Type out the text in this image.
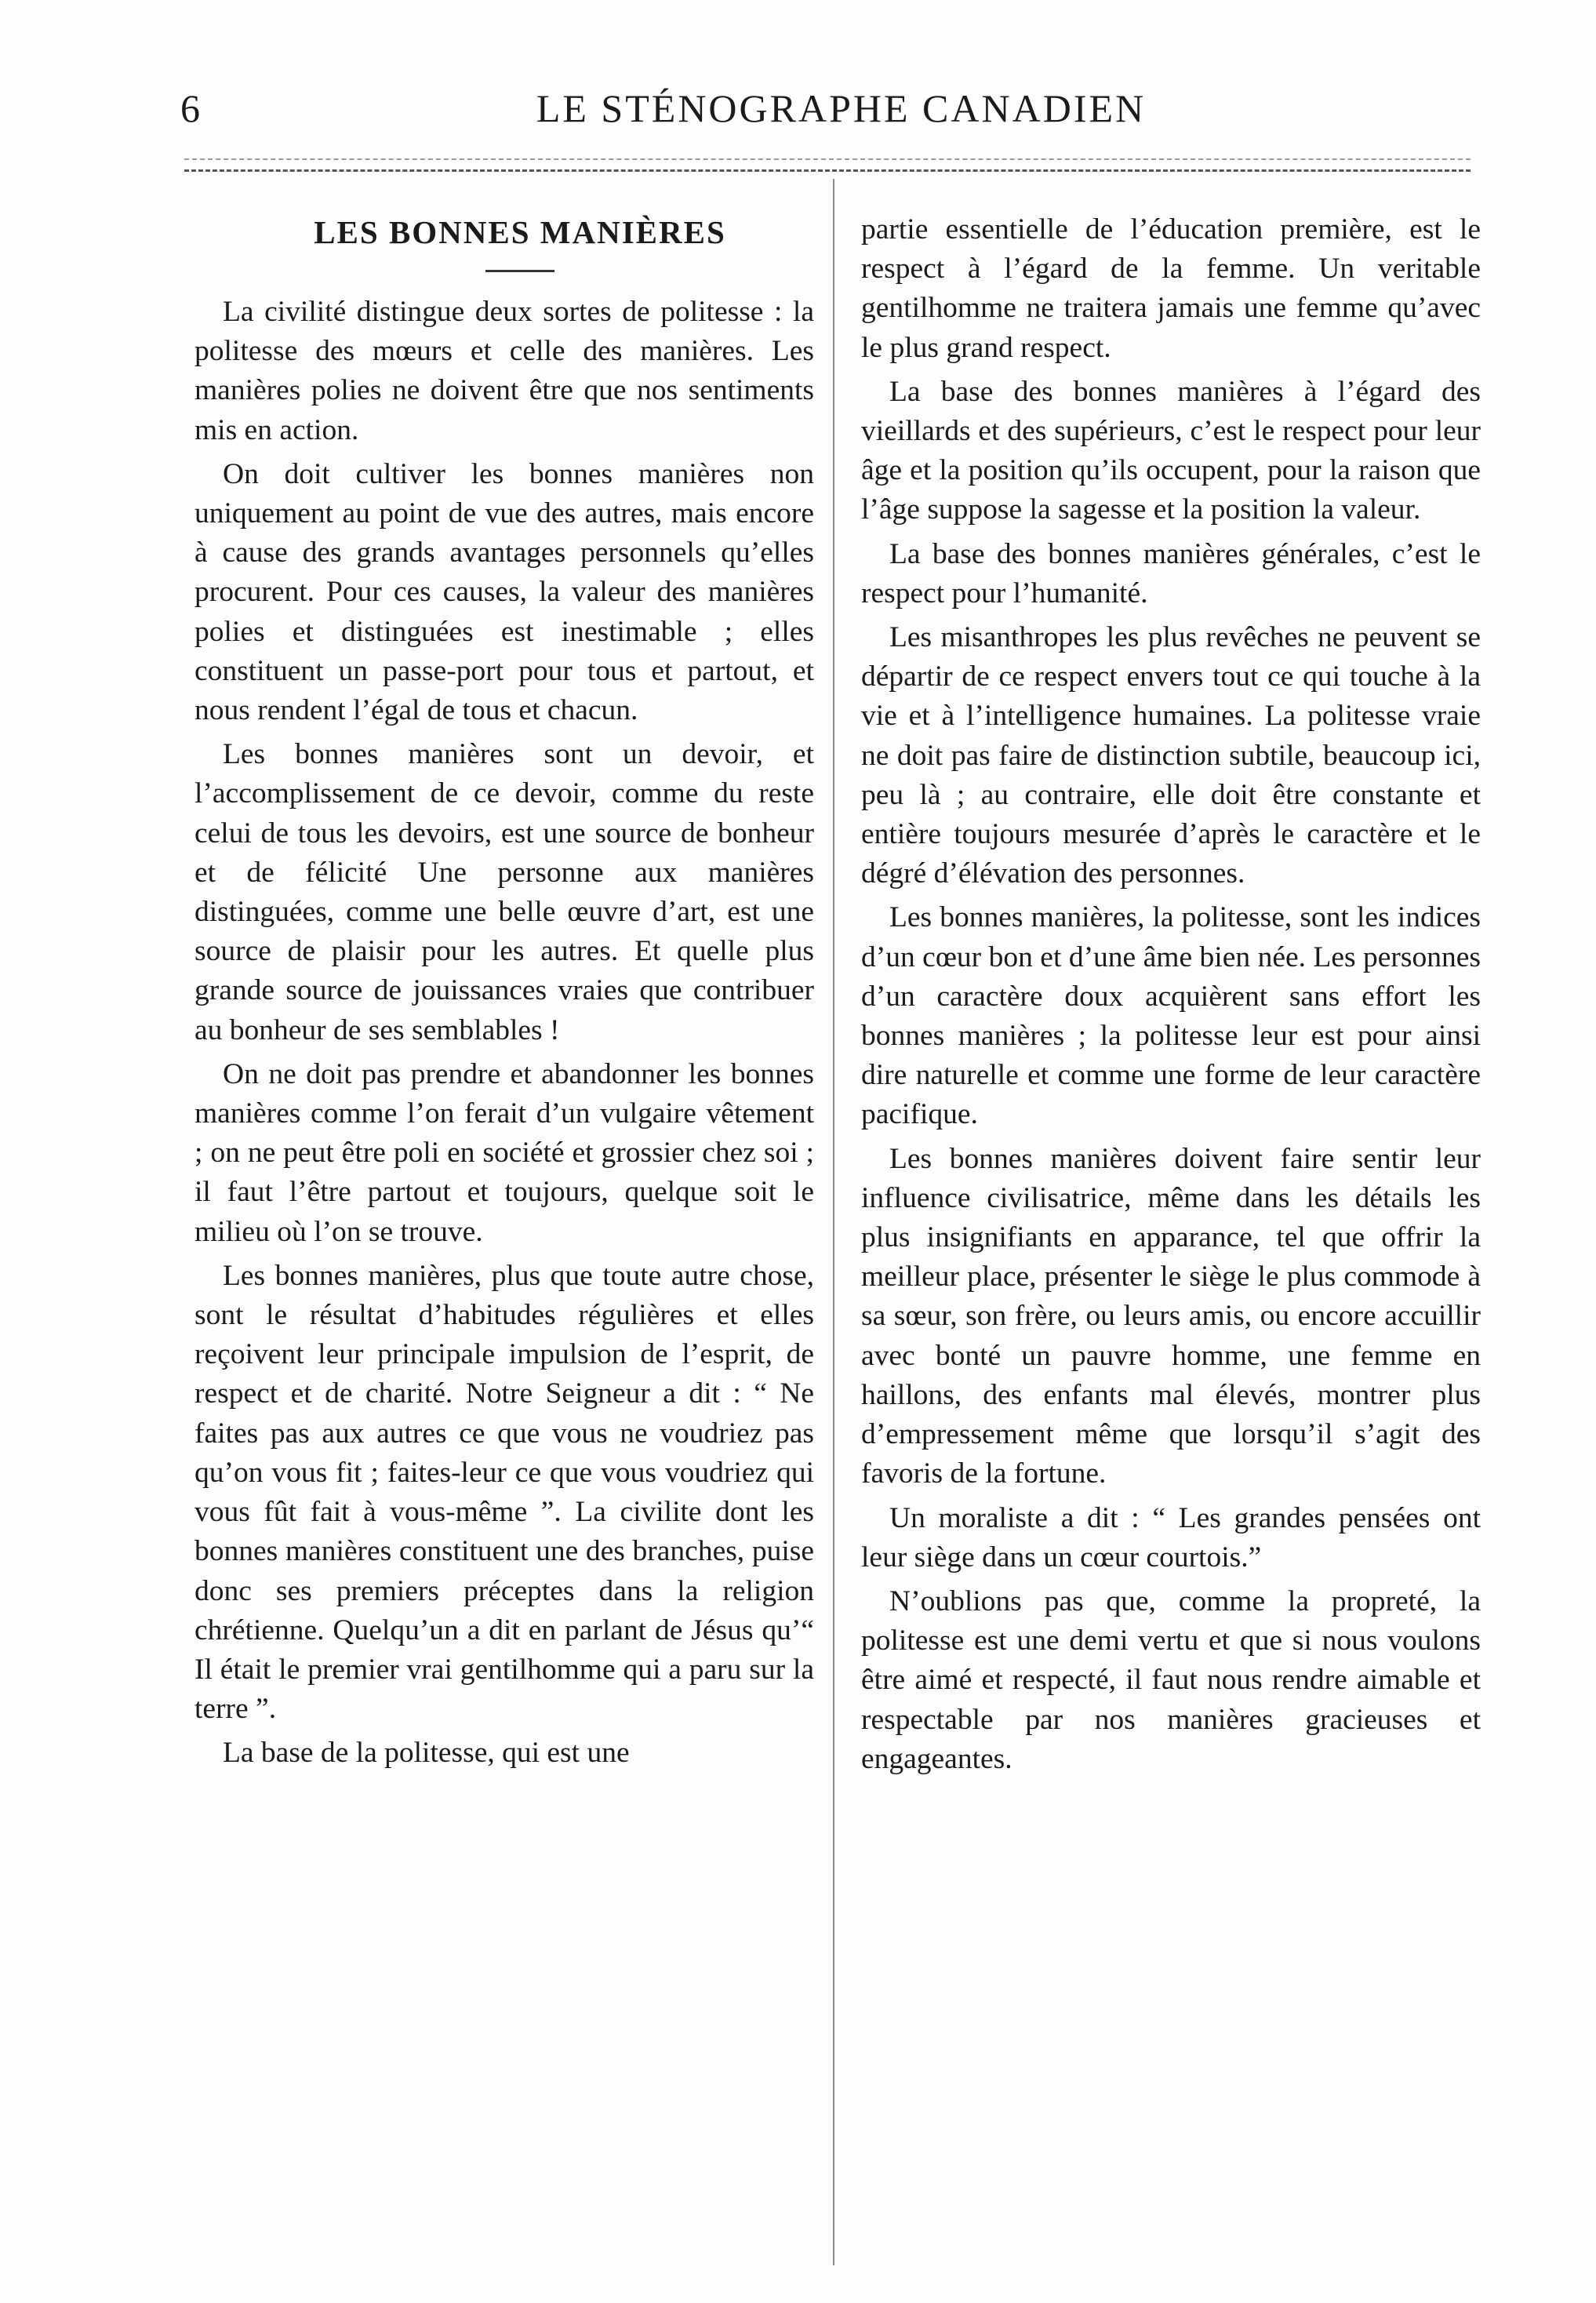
6	LE STÉNOGRAPHE CANADIEN
LES BONNES MANIÈRES

La civilité distingue deux sortes de politesse : la politesse des mœurs et celle des manières. Les manières polies ne doivent être que nos sentiments mis en action.

On doit cultiver les bonnes manières non uniquement au point de vue des autres, mais encore à cause des grands avantages personnels qu’elles procurent. Pour ces causes, la valeur des manières polies et distinguées est inestimable ; elles constituent un passe-port pour tous et partout, et nous rendent l’égal de tous et chacun.

Les bonnes manières sont un devoir, et l’accomplissement de ce devoir, comme du reste celui de tous les devoirs, est une source de bonheur et de félicité Une personne aux manières distinguées, comme une belle œuvre d’art, est une source de plaisir pour les autres. Et quelle plus grande source de jouissances vraies que contribuer au bonheur de ses semblables !

On ne doit pas prendre et abandonner les bonnes manières comme l’on ferait d’un vulgaire vêtement ; on ne peut être poli en société et grossier chez soi ; il faut l’être partout et toujours, quelque soit le milieu où l’on se trouve.

Les bonnes manières, plus que toute autre chose, sont le résultat d’habitudes régulières et elles reçoivent leur principale impulsion de l’esprit, de respect et de charité. Notre Seigneur a dit : “ Ne faites pas aux autres ce que vous ne voudriez pas qu’on vous fit ; faites-leur ce que vous voudriez qui vous fût fait à vous-même ”. La civilite dont les bonnes manières constituent une des branches, puise donc ses premiers préceptes dans la religion chrétienne. Quelqu’un a dit en parlant de Jésus qu’“ Il était le premier vrai gentilhomme qui a paru sur la terre ”.

La base de la politesse, qui est une

partie essentielle de l’éducation première, est le respect à l’égard de la femme. Un veritable gentilhomme ne traitera jamais une femme qu’avec le plus grand respect.

La base des bonnes manières à l’égard des vieillards et des supérieurs, c’est le respect pour leur âge et la position qu’ils occupent, pour la raison que l’âge suppose la sagesse et la position la valeur.

La base des bonnes manières générales, c’est le respect pour l’humanité.

Les misanthropes les plus revêches ne peuvent se départir de ce respect envers tout ce qui touche à la vie et à l’intelligence humaines. La politesse vraie ne doit pas faire de distinction subtile, beaucoup ici, peu là ; au contraire, elle doit être constante et entière toujours mesurée d’après le caractère et le dégré d’élévation des personnes.

Les bonnes manières, la politesse, sont les indices d’un cœur bon et d’une âme bien née. Les personnes d’un caractère doux acquièrent sans effort les bonnes manières ; la politesse leur est pour ainsi dire naturelle et comme une forme de leur caractère pacifique.

Les bonnes manières doivent faire sentir leur influence civilisatrice, même dans les détails les plus insignifiants en apparance, tel que offrir la meilleur place, présenter le siège le plus commode à sa sœur, son frère, ou leurs amis, ou encore accuillir avec bonté un pauvre homme, une femme en haillons, des enfants mal élevés, montrer plus d’empressement même que lorsqu’il s’agit des favoris de la fortune.

Un moraliste a dit : “ Les grandes pensées ont leur siège dans un cœur courtois.”

N’oublions pas que, comme la propreté, la politesse est une demi vertu et que si nous voulons être aimé et respecté, il faut nous rendre aimable et respectable par nos manières gracieuses et engageantes.
